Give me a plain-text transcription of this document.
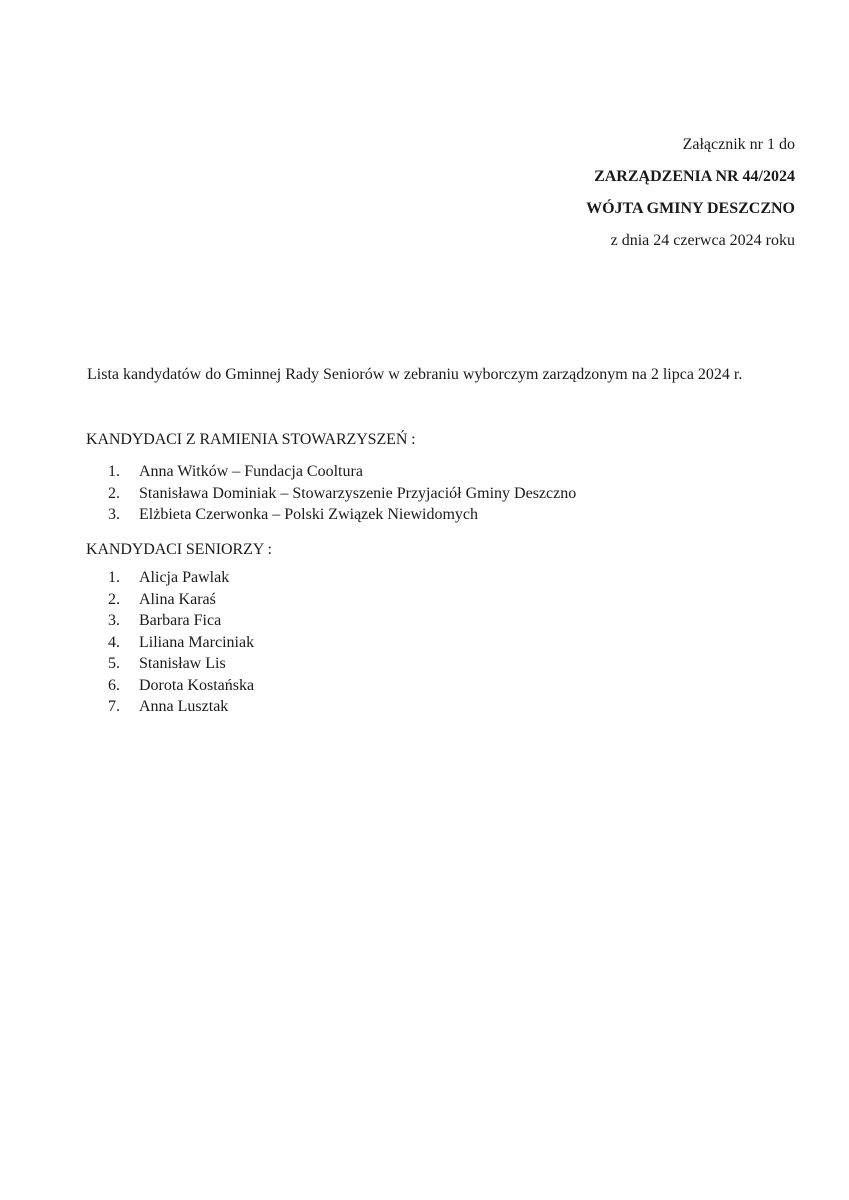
Załącznik nr 1 do
ZARZĄDZENIA NR 44/2024
WÓJTA GMINY DESZCZNO
z dnia 24 czerwca 2024 roku
Lista kandydatów do Gminnej Rady Seniorów w zebraniu wyborczym zarządzonym na 2 lipca 2024 r.
KANDYDACI Z RAMIENIA STOWARZYSZEŃ :
1. Anna Witków – Fundacja Cooltura
2. Stanisława Dominiak – Stowarzyszenie Przyjaciół Gminy Deszczno
3. Elżbieta Czerwonka – Polski Związek Niewidomych
KANDYDACI SENIORZY :
1. Alicja Pawlak
2. Alina Karaś
3. Barbara Fica
4. Liliana Marciniak
5. Stanisław Lis
6. Dorota Kostańska
7. Anna Lusztak
